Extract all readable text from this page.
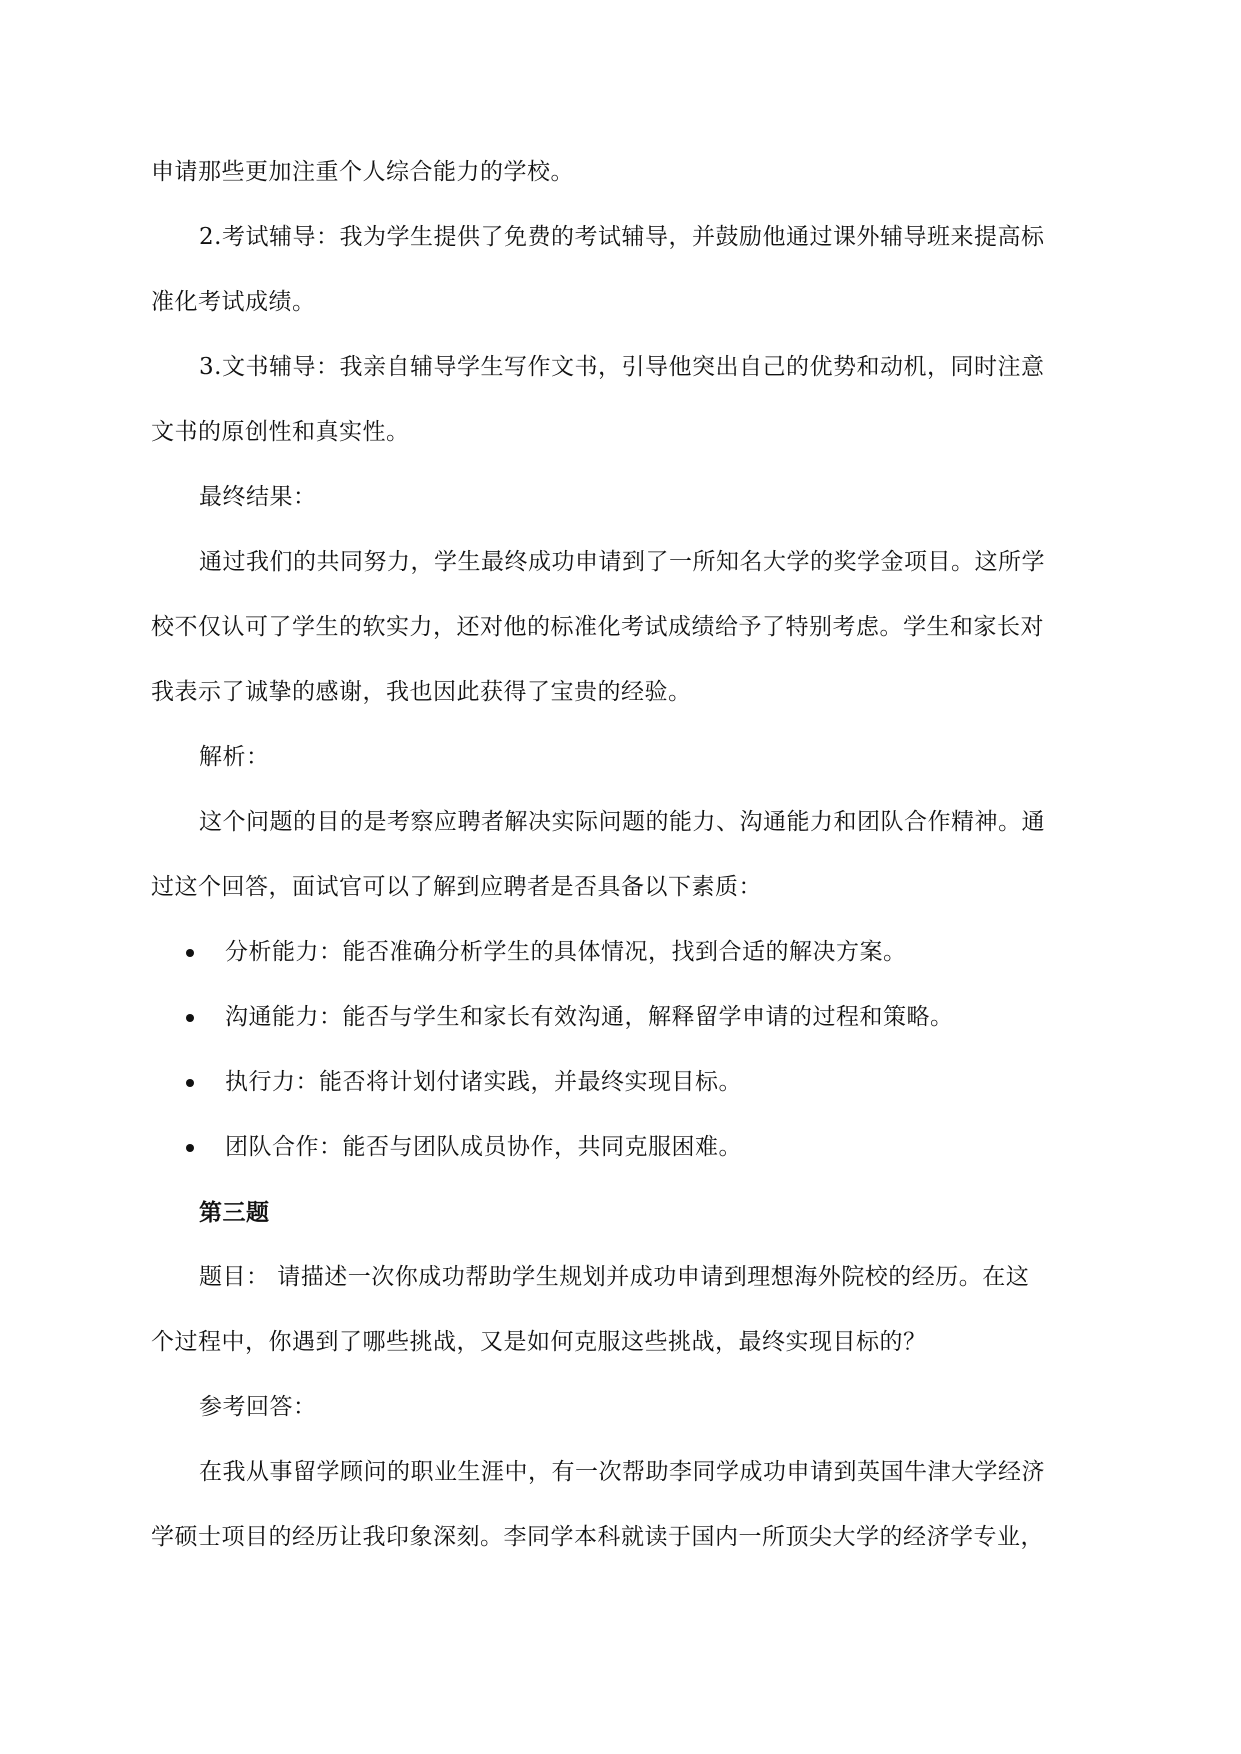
申请那些更加注重个人综合能力的学校。
2.考试辅导：我为学生提供了免费的考试辅导，并鼓励他通过课外辅导班来提高标
准化考试成绩。
3.文书辅导：我亲自辅导学生写作文书，引导他突出自己的优势和动机，同时注意
文书的原创性和真实性。
最终结果：
通过我们的共同努力，学生最终成功申请到了一所知名大学的奖学金项目。这所学
校不仅认可了学生的软实力，还对他的标准化考试成绩给予了特别考虑。学生和家长对
我表示了诚挚的感谢，我也因此获得了宝贵的经验。
解析：
这个问题的目的是考察应聘者解决实际问题的能力、沟通能力和团队合作精神。通
过这个回答，面试官可以了解到应聘者是否具备以下素质：
分析能力：能否准确分析学生的具体情况，找到合适的解决方案。
沟通能力：能否与学生和家长有效沟通，解释留学申请的过程和策略。
执行力：能否将计划付诸实践，并最终实现目标。
团队合作：能否与团队成员协作，共同克服困难。
第三题
题目： 请描述一次你成功帮助学生规划并成功申请到理想海外院校的经历。在这
个过程中，你遇到了哪些挑战，又是如何克服这些挑战，最终实现目标的？
参考回答：
在我从事留学顾问的职业生涯中，有一次帮助李同学成功申请到英国牛津大学经济
学硕士项目的经历让我印象深刻。李同学本科就读于国内一所顶尖大学的经济学专业，
